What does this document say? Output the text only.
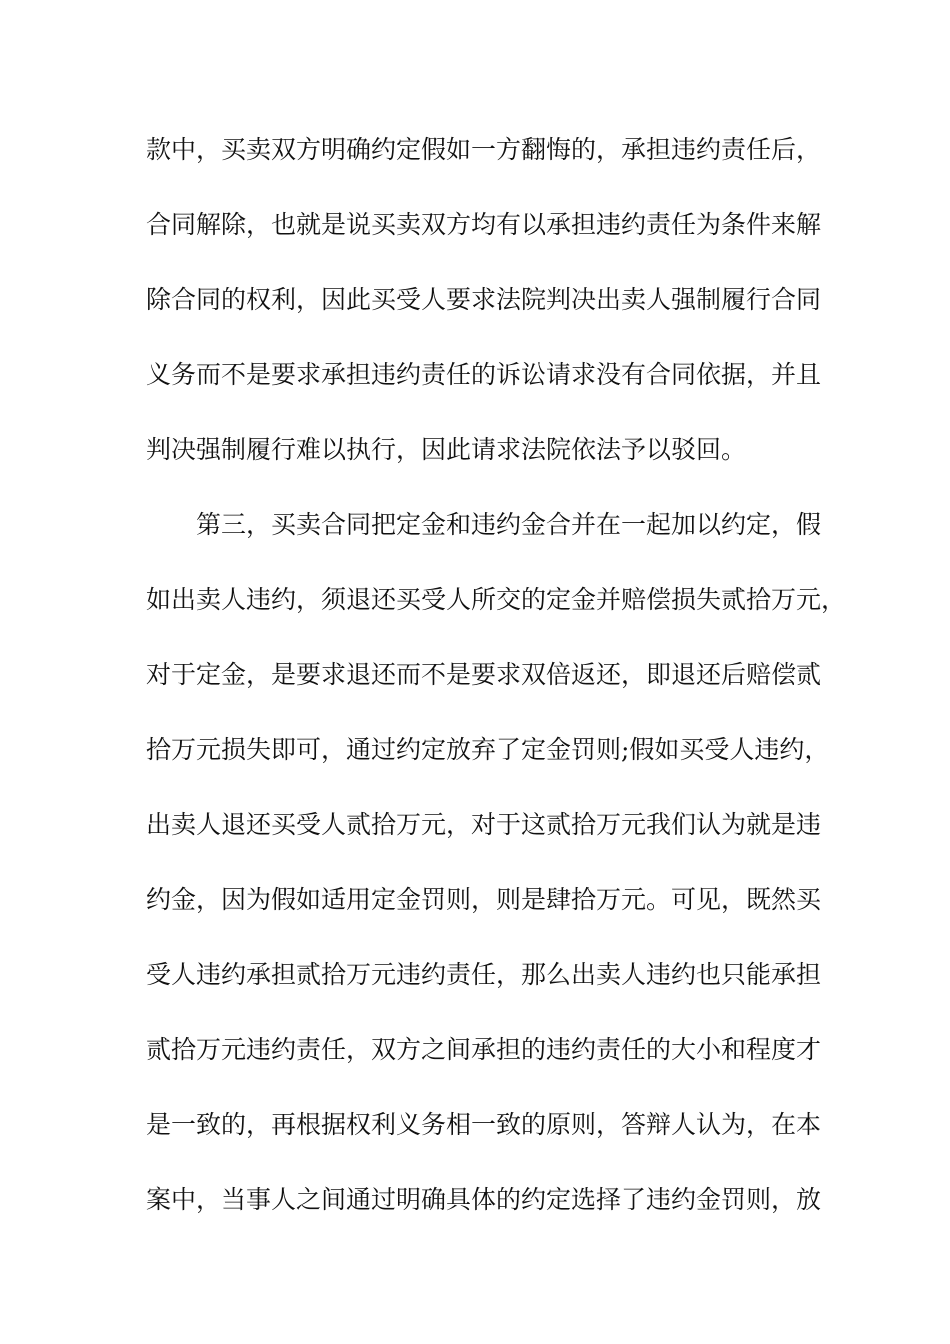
款中，买卖双方明确约定假如一方翻悔的，承担违约责任后，
合同解除，也就是说买卖双方均有以承担违约责任为条件来解
除合同的权利，因此买受人要求法院判决出卖人强制履行合同
义务而不是要求承担违约责任的诉讼请求没有合同依据，并且
判决强制履行难以执行，因此请求法院依法予以驳回。
第三，买卖合同把定金和违约金合并在一起加以约定，假
如出卖人违约，须退还买受人所交的定金并赔偿损失贰拾万元，
对于定金，是要求退还而不是要求双倍返还，即退还后赔偿贰
拾万元损失即可，通过约定放弃了定金罚则;假如买受人违约，
出卖人退还买受人贰拾万元，对于这贰拾万元我们认为就是违
约金，因为假如适用定金罚则，则是肆拾万元。可见，既然买
受人违约承担贰拾万元违约责任，那么出卖人违约也只能承担
贰拾万元违约责任，双方之间承担的违约责任的大小和程度才
是一致的，再根据权利义务相一致的原则，答辩人认为，在本
案中，当事人之间通过明确具体的约定选择了违约金罚则，放
